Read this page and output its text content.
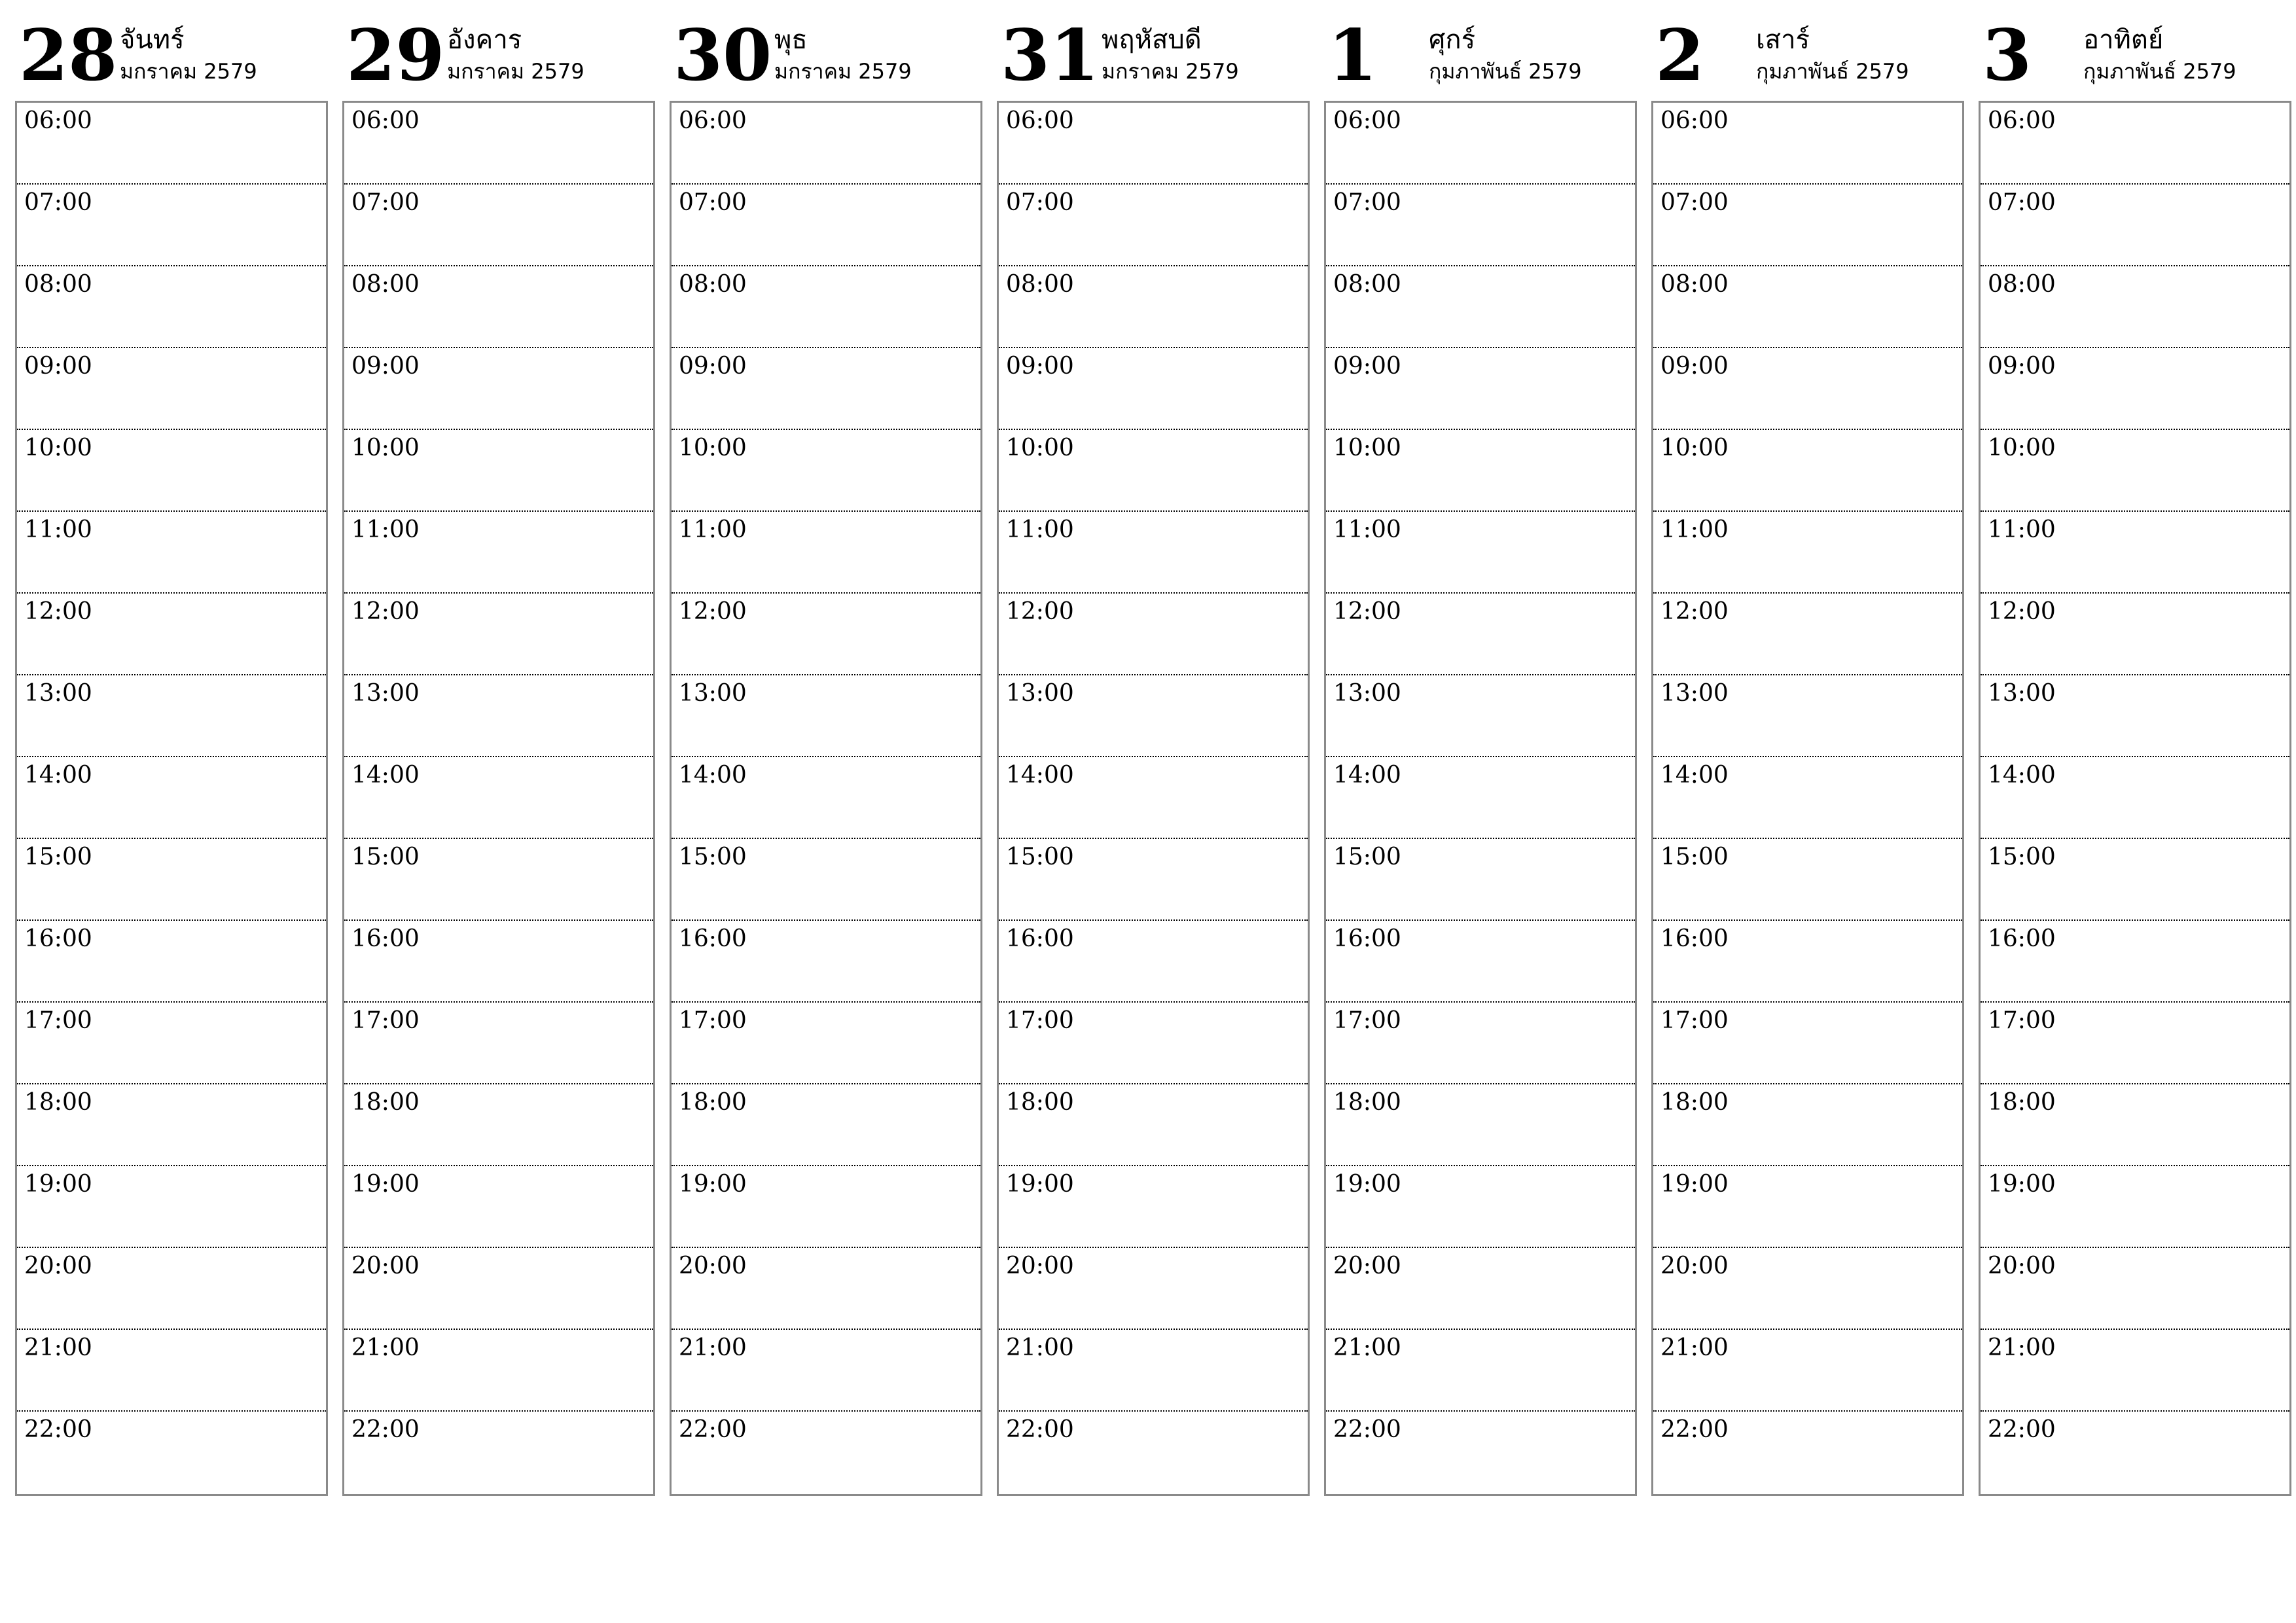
28 จันทร์
มกราคม 2579
06:00
07:00
08:00
09:00
10:00
11:00
12:00
13:00
14:00
15:00
16:00
17:00
18:00
19:00
20:00
21:00
22:00
29 อังคาร
มกราคม 2579
06:00
07:00
08:00
09:00
10:00
11:00
12:00
13:00
14:00
15:00
16:00
17:00
18:00
19:00
20:00
21:00
22:00
30 พุธ
มกราคม 2579
06:00
07:00
08:00
09:00
10:00
11:00
12:00
13:00
14:00
15:00
16:00
17:00
18:00
19:00
20:00
21:00
22:00
31 พฤหัสบดี
มกราคม 2579
06:00
07:00
08:00
09:00
10:00
11:00
12:00
13:00
14:00
15:00
16:00
17:00
18:00
19:00
20:00
21:00
22:00
1 ศุกร์
กุมภาพันธ์ 2579
06:00
07:00
08:00
09:00
10:00
11:00
12:00
13:00
14:00
15:00
16:00
17:00
18:00
19:00
20:00
21:00
22:00
2 เสาร์
กุมภาพันธ์ 2579
06:00
07:00
08:00
09:00
10:00
11:00
12:00
13:00
14:00
15:00
16:00
17:00
18:00
19:00
20:00
21:00
22:00
3 อาทิตย์
กุมภาพันธ์ 2579
06:00
07:00
08:00
09:00
10:00
11:00
12:00
13:00
14:00
15:00
16:00
17:00
18:00
19:00
20:00
21:00
22:00
